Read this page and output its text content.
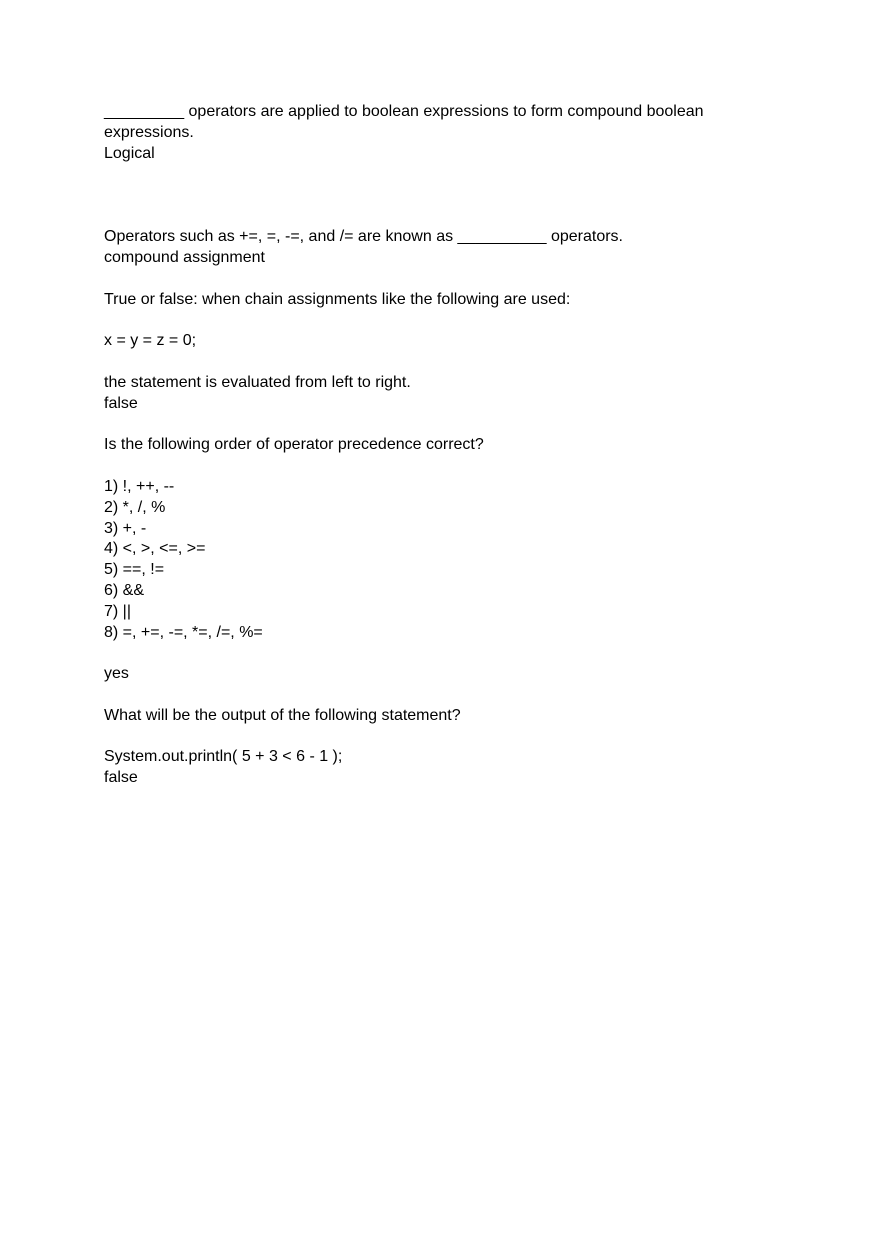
_________ operators are applied to boolean expressions to form compound boolean
expressions.
Logical
Operators such as +=, =, -=, and /= are known as __________ operators.
compound assignment
True or false: when chain assignments like the following are used:
x = y = z = 0;
the statement is evaluated from left to right.
false
Is the following order of operator precedence correct?
1) !, ++, --
2) *, /, %
3) +, -
4) <, >, <=, >=
5) ==, !=
6) &&
7) ||
8) =, +=, -=, *=, /=, %=
yes
What will be the output of the following statement?
System.out.println( 5 + 3 < 6 - 1 );
false
